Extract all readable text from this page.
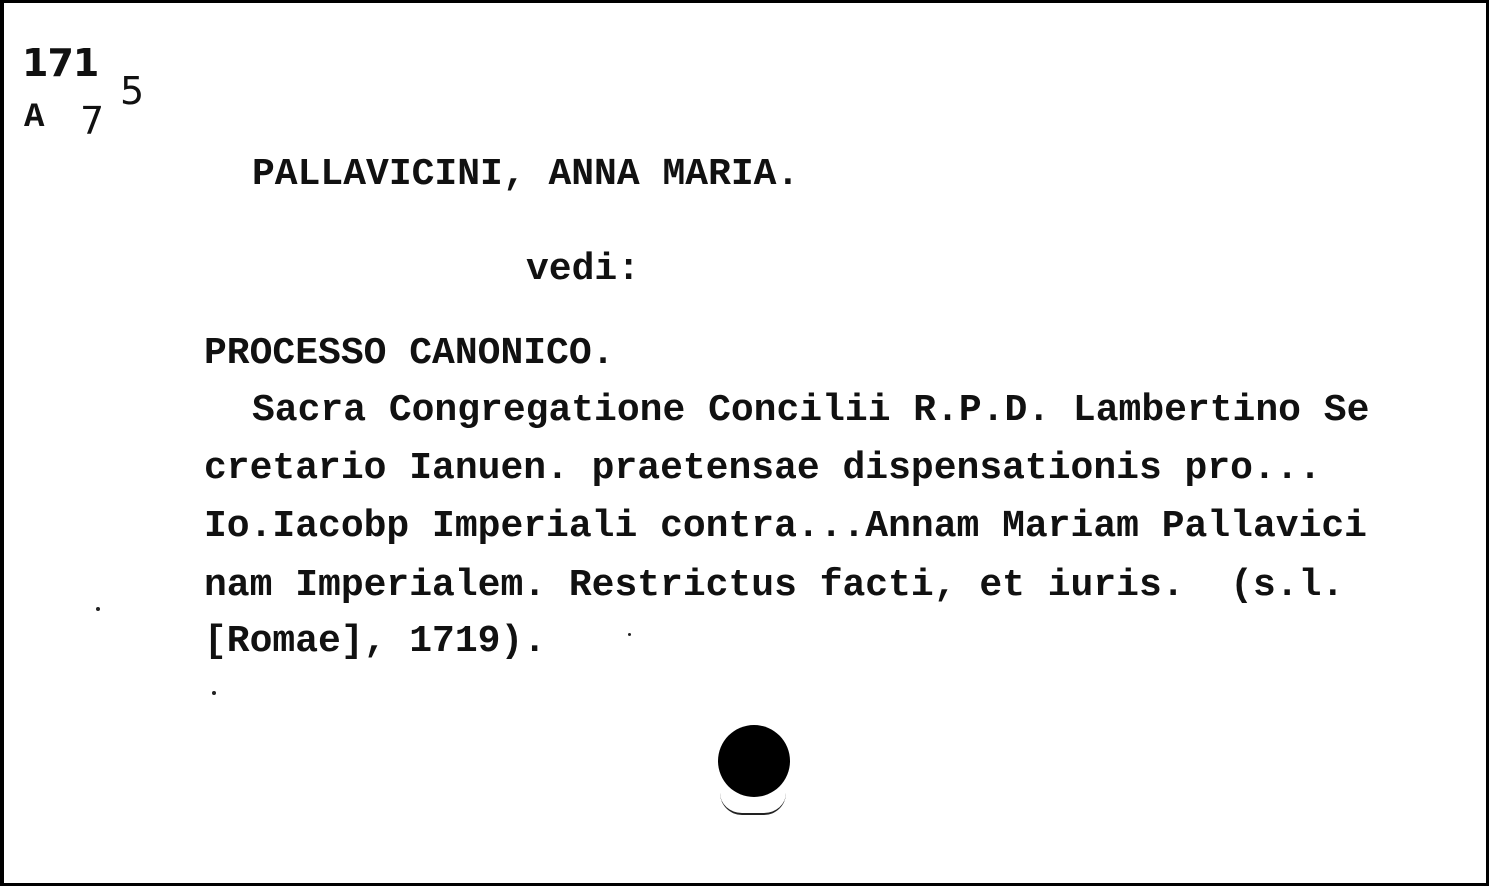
171
A 7
5
PALLAVICINI, ANNA MARIA.
vedi:
PROCESSO CANONICO.
Sacra Congregatione Concilii R.P.D. Lambertino Se
cretario Ianuen. praetensae dispensationis pro...
Io.Iacobp Imperiali contra...Annam Mariam Pallavici
nam Imperialem. Restrictus facti, et iuris.  (s.l.
[Romae], 1719).
